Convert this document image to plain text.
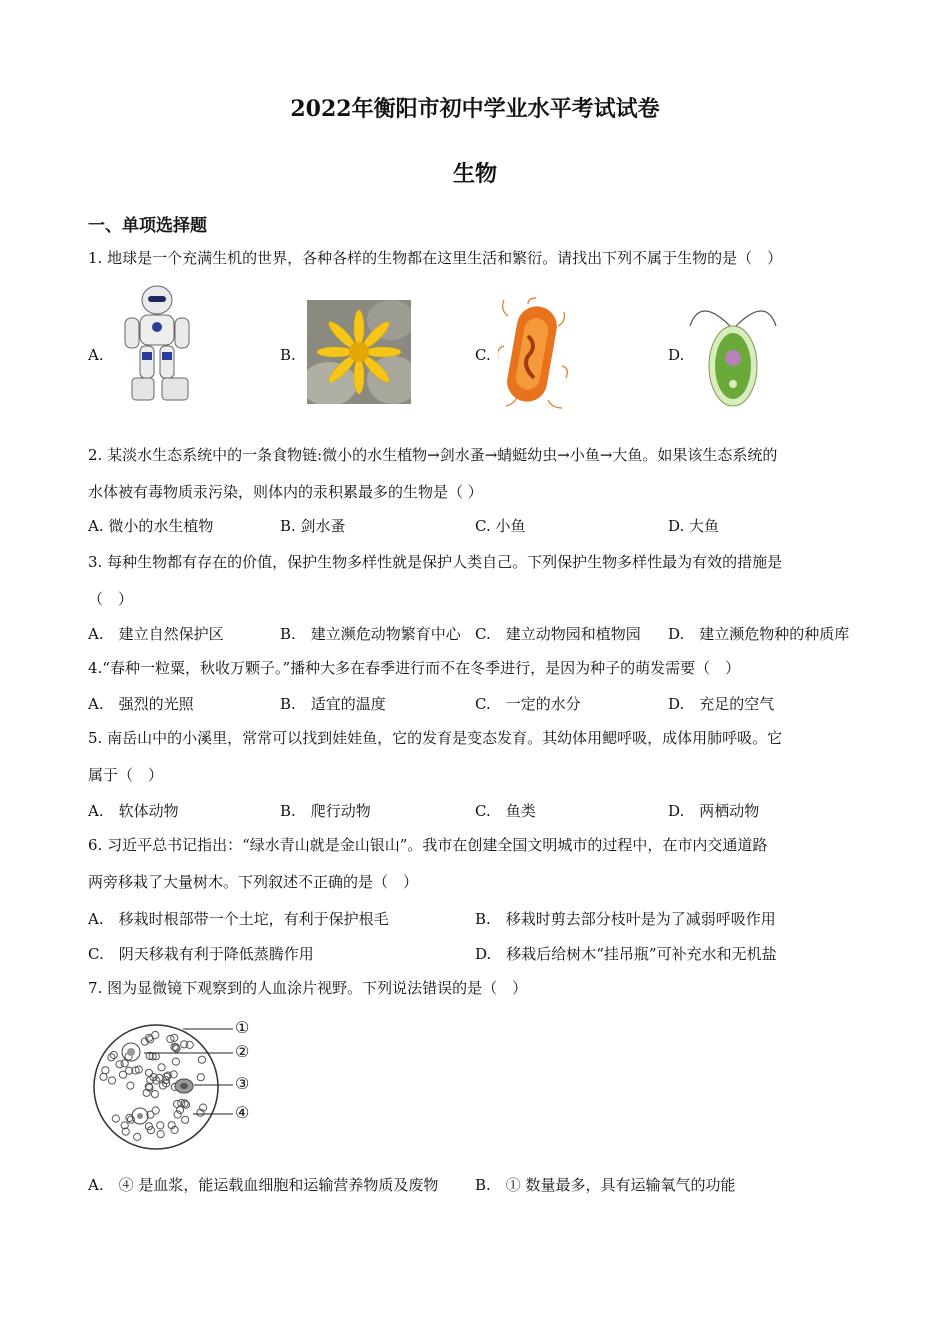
2022年衡阳市初中学业水平考试试卷
生物
一、单项选择题
1. 地球是一个充满生机的世界，各种各样的生物都在这里生活和繁衍。请找出下列不属于生物的是（　）
A.	B.	C.	D.
2. 某淡水生态系统中的一条食物链:微小的水生植物→剑水蚤→蜻蜓幼虫→小鱼→大鱼。如果该生态系统的
水体被有毒物质汞污染，则体内的汞积累最多的生物是（ ）
A. 微小的水生植物	B. 剑水蚤	C. 小鱼	D. 大鱼
3. 每种生物都有存在的价值，保护生物多样性就是保护人类自己。下列保护生物多样性最为有效的措施是
（　）
A.　建立自然保护区	B.　建立濒危动物繁育中心 C.　建立动物园和植物园 D.　建立濒危物种的种质库
4.“春种一粒粟，秋收万颗子。”播种大多在春季进行而不在冬季进行，是因为种子的萌发需要（　）
A.　强烈的光照	B.　适宜的温度	C.　一定的水分	D.　充足的空气
5. 南岳山中的小溪里，常常可以找到娃娃鱼，它的发育是变态发育。其幼体用鳃呼吸，成体用肺呼吸。它
属于（　）
A.　软体动物	B.　爬行动物	C.　鱼类	D.　两栖动物
6. 习近平总书记指出：“绿水青山就是金山银山”。我市在创建全国文明城市的过程中，在市内交通道路
两旁移栽了大量树木。下列叙述不正确的是（　）
A.　移栽时根部带一个土坨，有利于保护根毛	B.　移栽时剪去部分枝叶是为了减弱呼吸作用
C.　阴天移栽有利于降低蒸腾作用	D.　移栽后给树木“挂吊瓶”可补充水和无机盐
7. 图为显微镜下观察到的人血涂片视野。下列说法错误的是（　）
①
②
③
④
A.　④ 是血浆，能运载血细胞和运输营养物质及废物 B.　① 数量最多，具有运输氧气的功能
